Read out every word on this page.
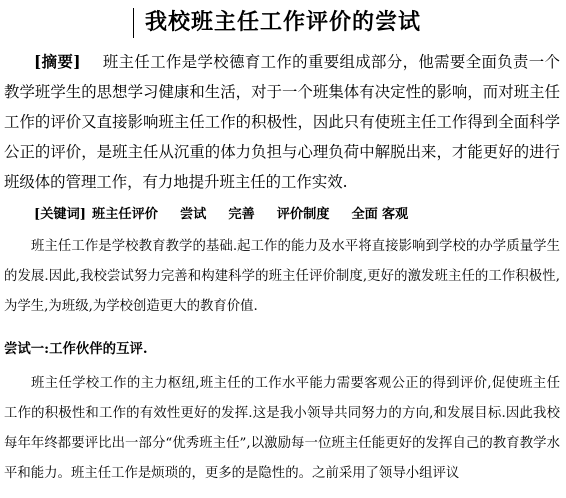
我校班主任工作评价的尝试

[摘要] 班主任工作是学校德育工作的重要组成部分，他需要全面负责一个教学班学生的思想学习健康和生活，对于一个班集体有决定性的影响，而对班主任工作的评价又直接影响班主任工作的积极性，因此只有使班主任工作得到全面科学公正的评价，是班主任从沉重的体力负担与心理负荷中解脱出来，才能更好的进行班级体的管理工作，有力地提升班主任的工作实效.

[关键词] 班主任评价 尝试 完善 评价制度 全面 客观

班主任工作是学校教育教学的基础.起工作的能力及水平将直接影响到学校的办学质量学生的发展.因此,我校尝试努力完善和构建科学的班主任评价制度,更好的激发班主任的工作积极性,为学生,为班级,为学校创造更大的教育价值.

尝试一:工作伙伴的互评.

班主任学校工作的主力枢纽,班主任的工作水平能力需要客观公正的得到评价,促使班主任工作的积极性和工作的有效性更好的发挥.这是我小领导共同努力的方向,和发展目标.因此我校每年年终都要评比出一部分“优秀班主任”,以激励每一位班主任能更好的发挥自己的教育教学水平和能力。班主任工作是烦琐的，更多的是隐性的。之前采用了领导小组评议
